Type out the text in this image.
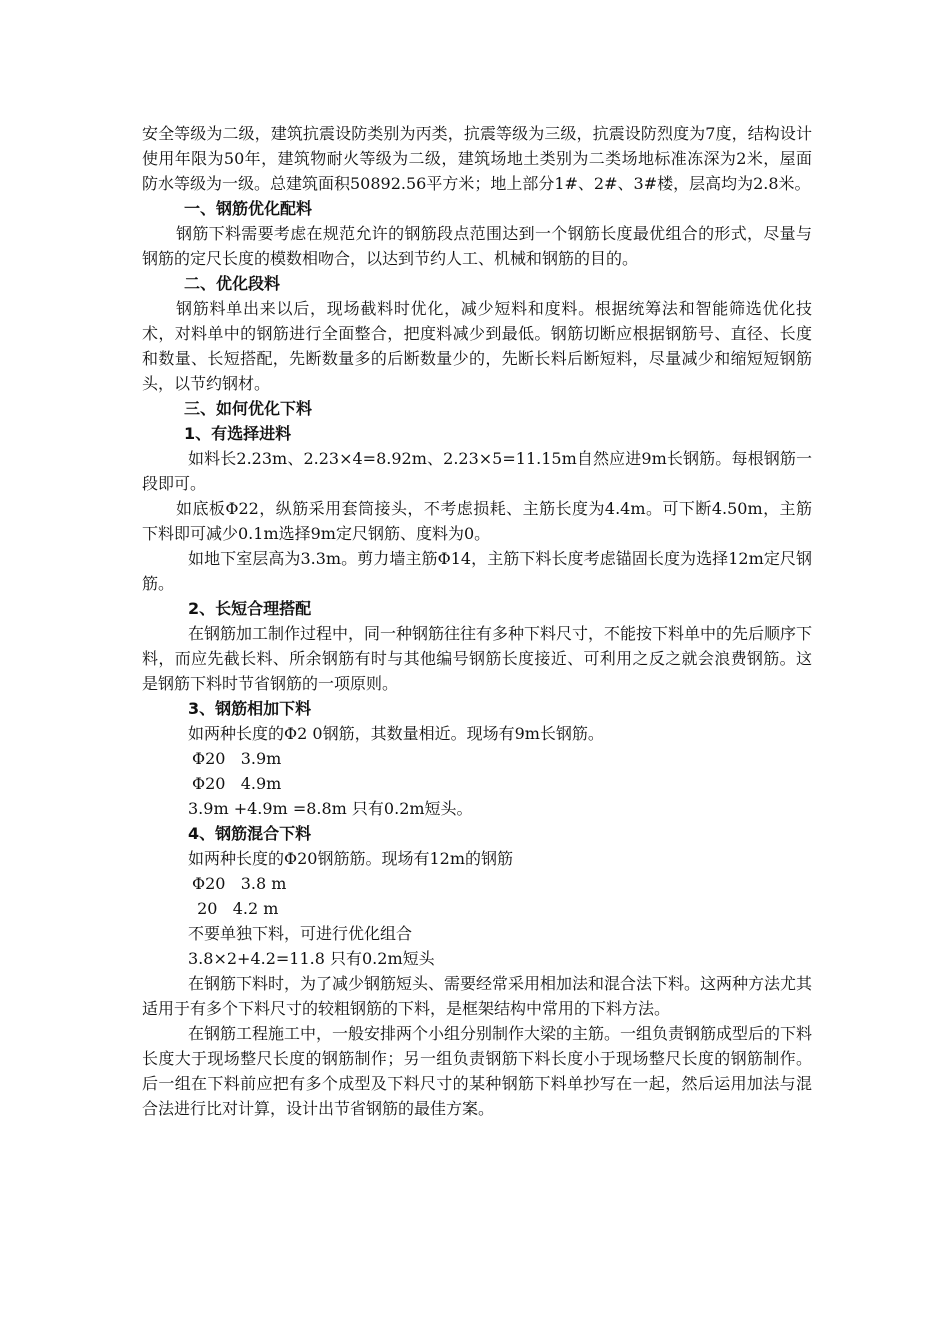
安全等级为二级，建筑抗震设防类别为丙类，抗震等级为三级，抗震设防烈度为7度，结构设计使用年限为50年，建筑物耐火等级为二级，建筑场地土类别为二类场地标准冻深为2米，屋面防水等级为一级。总建筑面积50892.56平方米；地上部分1#、2#、3#楼，层高均为2.8米。

一、钢筋优化配料

钢筋下料需要考虑在规范允许的钢筋段点范围达到一个钢筋长度最优组合的形式，尽量与钢筋的定尺长度的模数相吻合，以达到节约人工、机械和钢筋的目的。

二、优化段料

钢筋料单出来以后，现场截料时优化，减少短料和度料。根据统筹法和智能筛选优化技术，对料单中的钢筋进行全面整合，把度料减少到最低。钢筋切断应根据钢筋号、直径、长度和数量、长短搭配，先断数量多的后断数量少的，先断长料后断短料，尽量减少和缩短短钢筋头，以节约钢材。

三、如何优化下料

1、有选择进料

如料长2.23m、2.23×4=8.92m、2.23×5=11.15m自然应进9m长钢筋。每根钢筋一段即可。

如底板Φ22，纵筋采用套筒接头，不考虑损耗、主筋长度为4.4m。可下断4.50m，主筋下料即可减少0.1m选择9m定尺钢筋、度料为0。

如地下室层高为3.3m。剪力墙主筋Φ14，主筋下料长度考虑锚固长度为选择12m定尺钢筋。

2、长短合理搭配

在钢筋加工制作过程中，同一种钢筋往往有多种下料尺寸，不能按下料单中的先后顺序下料，而应先截长料、所余钢筋有时与其他编号钢筋长度接近、可利用之反之就会浪费钢筋。这是钢筋下料时节省钢筋的一项原则。

3、钢筋相加下料

如两种长度的Φ2 0钢筋，其数量相近。现场有9m长钢筋。

Φ20   3.9m

Φ20   4.9m

3.9m +4.9m =8.8m 只有0.2m短头。

4、钢筋混合下料

如两种长度的Φ20钢筋筋。现场有12m的钢筋

Φ20   3.8 m

20   4.2 m

不要单独下料，可进行优化组合

3.8×2+4.2=11.8 只有0.2m短头

在钢筋下料时，为了减少钢筋短头、需要经常采用相加法和混合法下料。这两种方法尤其适用于有多个下料尺寸的较粗钢筋的下料，是框架结构中常用的下料方法。

在钢筋工程施工中，一般安排两个小组分别制作大梁的主筋。一组负责钢筋成型后的下料长度大于现场整尺长度的钢筋制作；另一组负责钢筋下料长度小于现场整尺长度的钢筋制作。后一组在下料前应把有多个成型及下料尺寸的某种钢筋下料单抄写在一起，然后运用加法与混合法进行比对计算，设计出节省钢筋的最佳方案。
